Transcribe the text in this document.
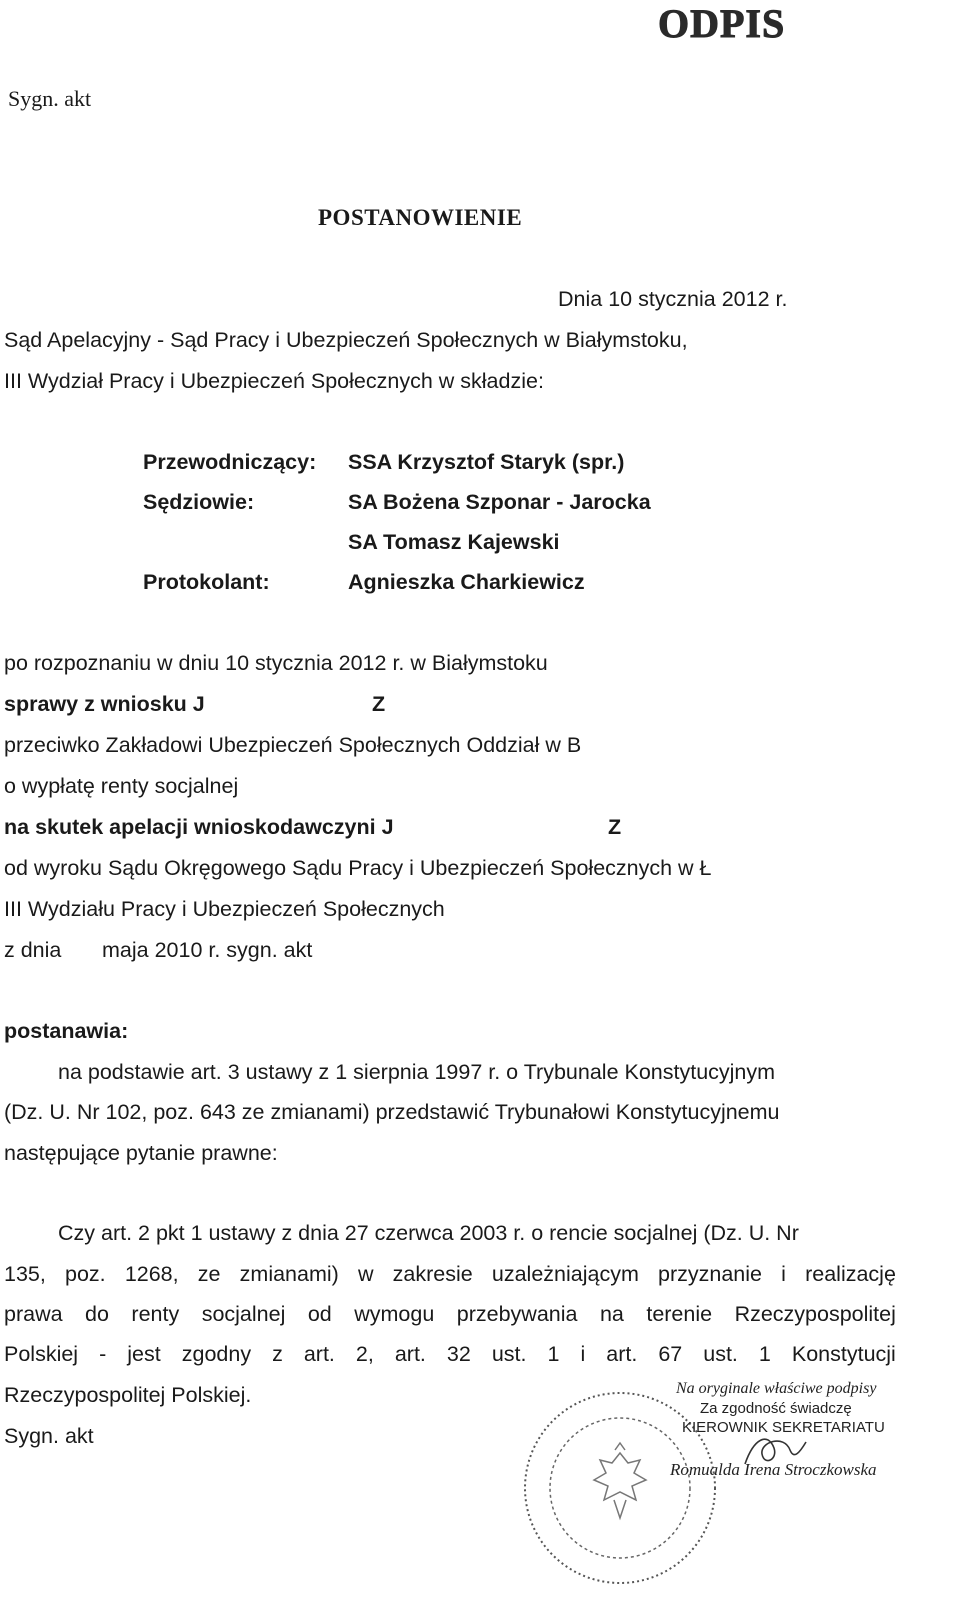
ODPIS
Sygn. akt
POSTANOWIENIE
Dnia 10 stycznia 2012 r.
Sąd Apelacyjny - Sąd Pracy i Ubezpieczeń Społecznych w Białymstoku,
III Wydział Pracy i Ubezpieczeń Społecznych w składzie:
Przewodniczący: SSA Krzysztof Staryk (spr.)
Sędziowie:	SA Bożena Szponar - Jarocka
SA Tomasz Kajewski
Protokolant:	Agnieszka Charkiewicz
po rozpoznaniu w dniu 10 stycznia 2012 r. w Białymstoku
sprawy z wniosku J	Z
przeciwko Zakładowi Ubezpieczeń Społecznych Oddział w B
o wypłatę renty socjalnej
na skutek apelacji wnioskodawczyni J	Z
od wyroku Sądu Okręgowego Sądu Pracy i Ubezpieczeń Społecznych w Ł
III Wydziału Pracy i Ubezpieczeń Społecznych
z dnia maja 2010 r. sygn. akt
postanawia:
na podstawie art. 3 ustawy z 1 sierpnia 1997 r. o Trybunale Konstytucyjnym
(Dz. U. Nr 102, poz. 643 ze zmianami) przedstawić Trybunałowi Konstytucyjnemu
następujące pytanie prawne:
Czy art. 2 pkt 1 ustawy z dnia 27 czerwca 2003 r. o rencie socjalnej (Dz. U. Nr
135, poz. 1268, ze zmianami) w zakresie uzależniającym przyznanie i realizację
prawa do renty socjalnej od wymogu przebywania na terenie Rzeczypospolitej
Polskiej - jest zgodny z art. 2, art. 32 ust. 1 i art. 67 ust. 1 Konstytucji
Rzeczypospolitej Polskiej.
Sygn. akt
Na oryginale właściwe podpisy
Za zgodność świadczę
KIEROWNIK SEKRETARIATU
Romualda Irena Stroczkowska
